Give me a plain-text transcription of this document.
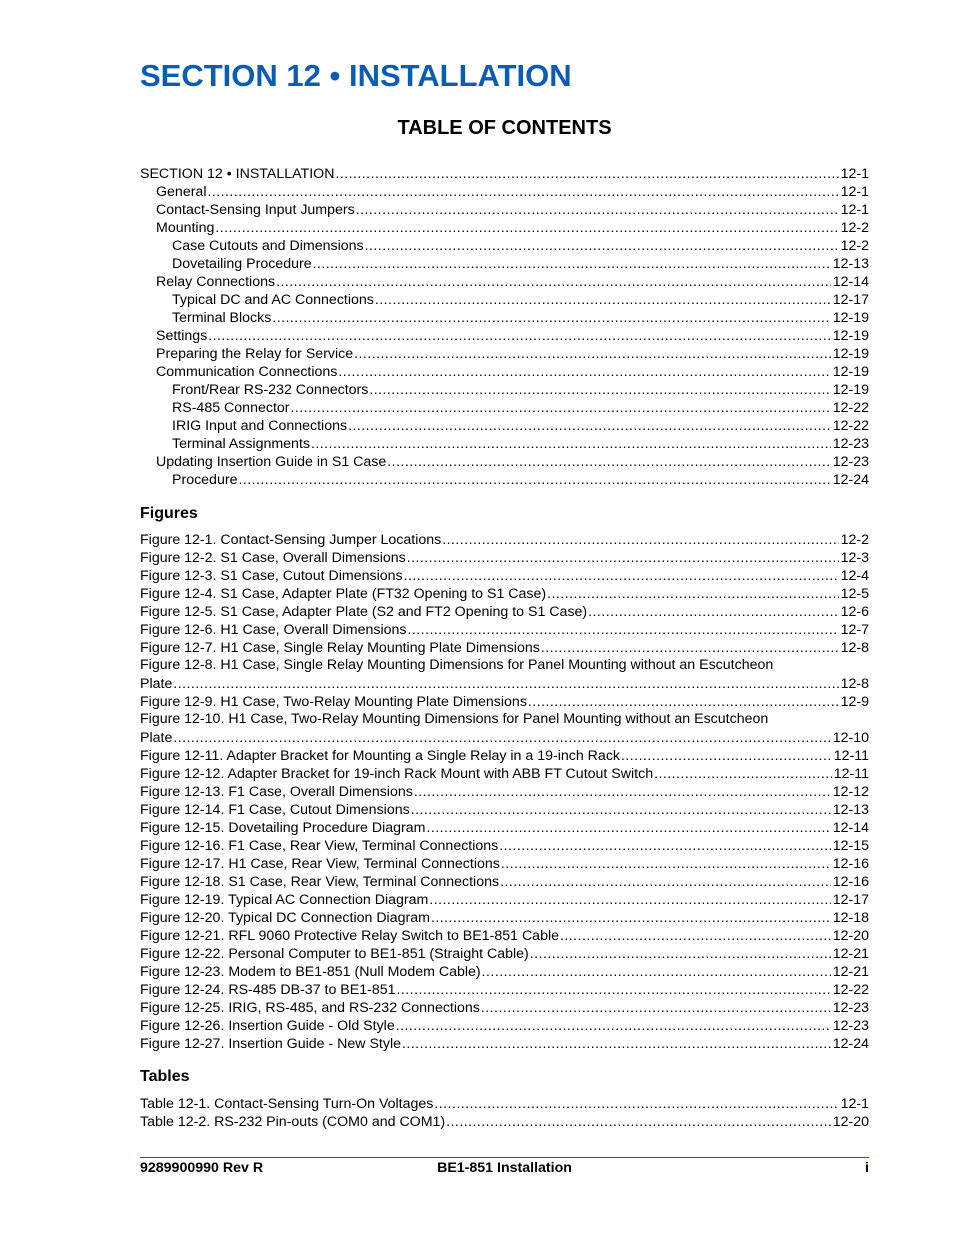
SECTION 12 • INSTALLATION
TABLE OF CONTENTS
SECTION 12 • INSTALLATION .....	12-1
General .....	12-1
Contact-Sensing Input Jumpers .....	12-1
Mounting .....	12-2
Case Cutouts and Dimensions .....	12-2
Dovetailing Procedure .....	12-13
Relay Connections .....	12-14
Typical DC and AC Connections .....	12-17
Terminal Blocks .....	12-19
Settings .....	12-19
Preparing the Relay for Service .....	12-19
Communication Connections .....	12-19
Front/Rear RS-232 Connectors .....	12-19
RS-485 Connector .....	12-22
IRIG Input and Connections .....	12-22
Terminal Assignments .....	12-23
Updating Insertion Guide in S1 Case .....	12-23
Procedure .....	12-24
Figures
Figure 12-1. Contact-Sensing Jumper Locations .....	12-2
Figure 12-2. S1 Case, Overall Dimensions .....	12-3
Figure 12-3. S1 Case, Cutout Dimensions .....	12-4
Figure 12-4. S1 Case, Adapter Plate (FT32 Opening to S1 Case) .....	12-5
Figure 12-5. S1 Case, Adapter Plate (S2 and FT2 Opening to S1 Case) .....	12-6
Figure 12-6. H1 Case, Overall Dimensions .....	12-7
Figure 12-7. H1 Case, Single Relay Mounting Plate Dimensions .....	12-8
Figure 12-8. H1 Case, Single Relay Mounting Dimensions for Panel Mounting without an Escutcheon
Plate .....	12-8
Figure 12-9. H1 Case, Two-Relay Mounting Plate Dimensions .....	12-9
Figure 12-10. H1 Case, Two-Relay Mounting Dimensions for Panel Mounting without an Escutcheon
Plate .....	12-10
Figure 12-11. Adapter Bracket for Mounting a Single Relay in a 19-inch Rack .....	12-11
Figure 12-12. Adapter Bracket for 19-inch Rack Mount with ABB FT Cutout Switch .....	12-11
Figure 12-13. F1 Case, Overall Dimensions .....	12-12
Figure 12-14. F1 Case, Cutout Dimensions .....	12-13
Figure 12-15. Dovetailing Procedure Diagram .....	12-14
Figure 12-16. F1 Case, Rear View, Terminal Connections .....	12-15
Figure 12-17. H1 Case, Rear View, Terminal Connections .....	12-16
Figure 12-18. S1 Case, Rear View, Terminal Connections .....	12-16
Figure 12-19. Typical AC Connection Diagram .....	12-17
Figure 12-20. Typical DC Connection Diagram .....	12-18
Figure 12-21. RFL 9060 Protective Relay Switch to BE1-851 Cable .....	12-20
Figure 12-22. Personal Computer to BE1-851 (Straight Cable) .....	12-21
Figure 12-23. Modem to BE1-851 (Null Modem Cable) .....	12-21
Figure 12-24. RS-485 DB-37 to BE1-851 .....	12-22
Figure 12-25. IRIG, RS-485, and RS-232 Connections .....	12-23
Figure 12-26. Insertion Guide - Old Style .....	12-23
Figure 12-27. Insertion Guide - New Style .....	12-24
Tables
Table 12-1. Contact-Sensing Turn-On Voltages .....	12-1
Table 12-2. RS-232 Pin-outs (COM0 and COM1) .....	12-20
9289900990 Rev R	BE1-851 Installation	i
